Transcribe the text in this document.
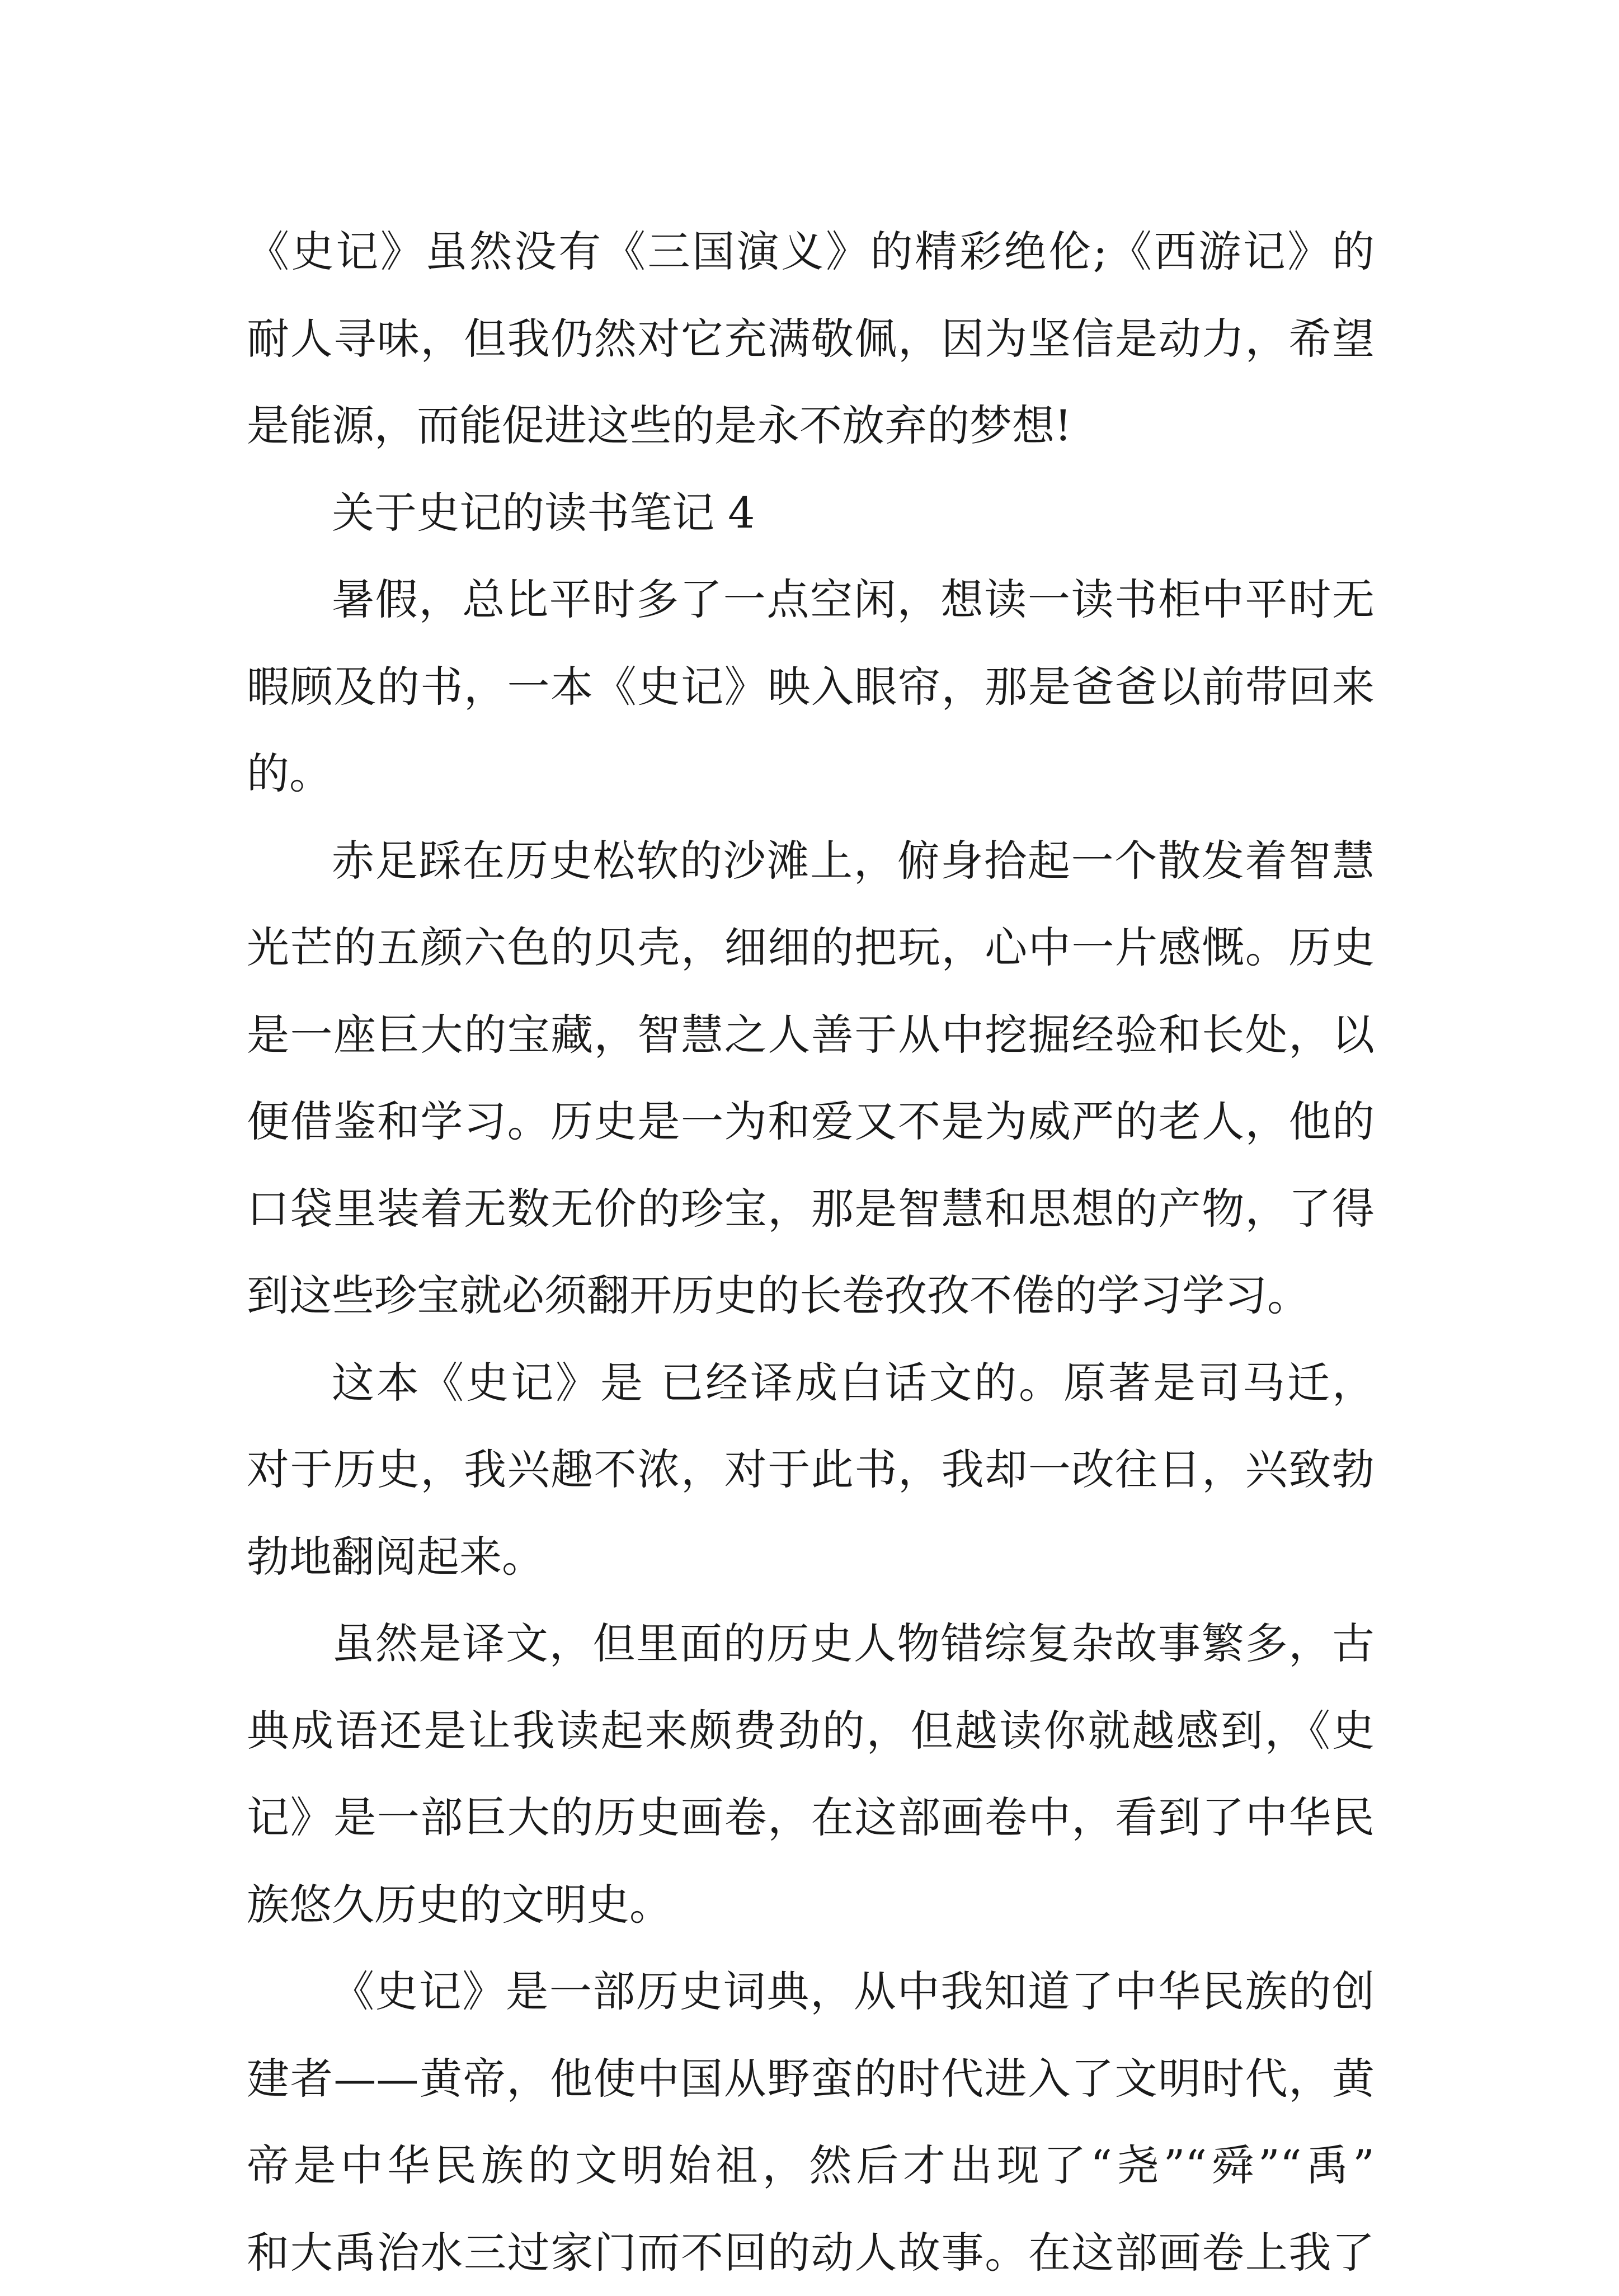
《史记》虽然没有《三国演义》的精彩绝伦;《西游记》的
耐人寻味，但我仍然对它充满敬佩，因为坚信是动力，希望
是能源，而能促进这些的是永不放弃的梦想!
关于史记的读书笔记 4
暑假，总比平时多了一点空闲，想读一读书柜中平时无
暇顾及的书，一本《史记》映入眼帘，那是爸爸以前带回来
的。
赤足踩在历史松软的沙滩上，俯身拾起一个散发着智慧
光芒的五颜六色的贝壳，细细的把玩，心中一片感慨。历史
是一座巨大的宝藏，智慧之人善于从中挖掘经验和长处，以
便借鉴和学习。历史是一为和爱又不是为威严的老人，他的
口袋里装着无数无价的珍宝，那是智慧和思想的产物，了得
到这些珍宝就必须翻开历史的长卷孜孜不倦的学习学习。
这本《史记》是 已经译成白话文的。原著是司马迁，
对于历史，我兴趣不浓，对于此书，我却一改往日，兴致勃
勃地翻阅起来。
虽然是译文，但里面的历史人物错综复杂故事繁多，古
典成语还是让我读起来颇费劲的，但越读你就越感到，《史
记》是一部巨大的历史画卷，在这部画卷中，看到了中华民
族悠久历史的文明史。
《史记》是一部历史词典，从中我知道了中华民族的创
建者——黄帝，他使中国从野蛮的时代进入了文明时代，黄
帝是中华民族的文明始祖，然后才出现了“尧”“舜”“禹”
和大禹治水三过家门而不回的动人故事。在这部画卷上我了
